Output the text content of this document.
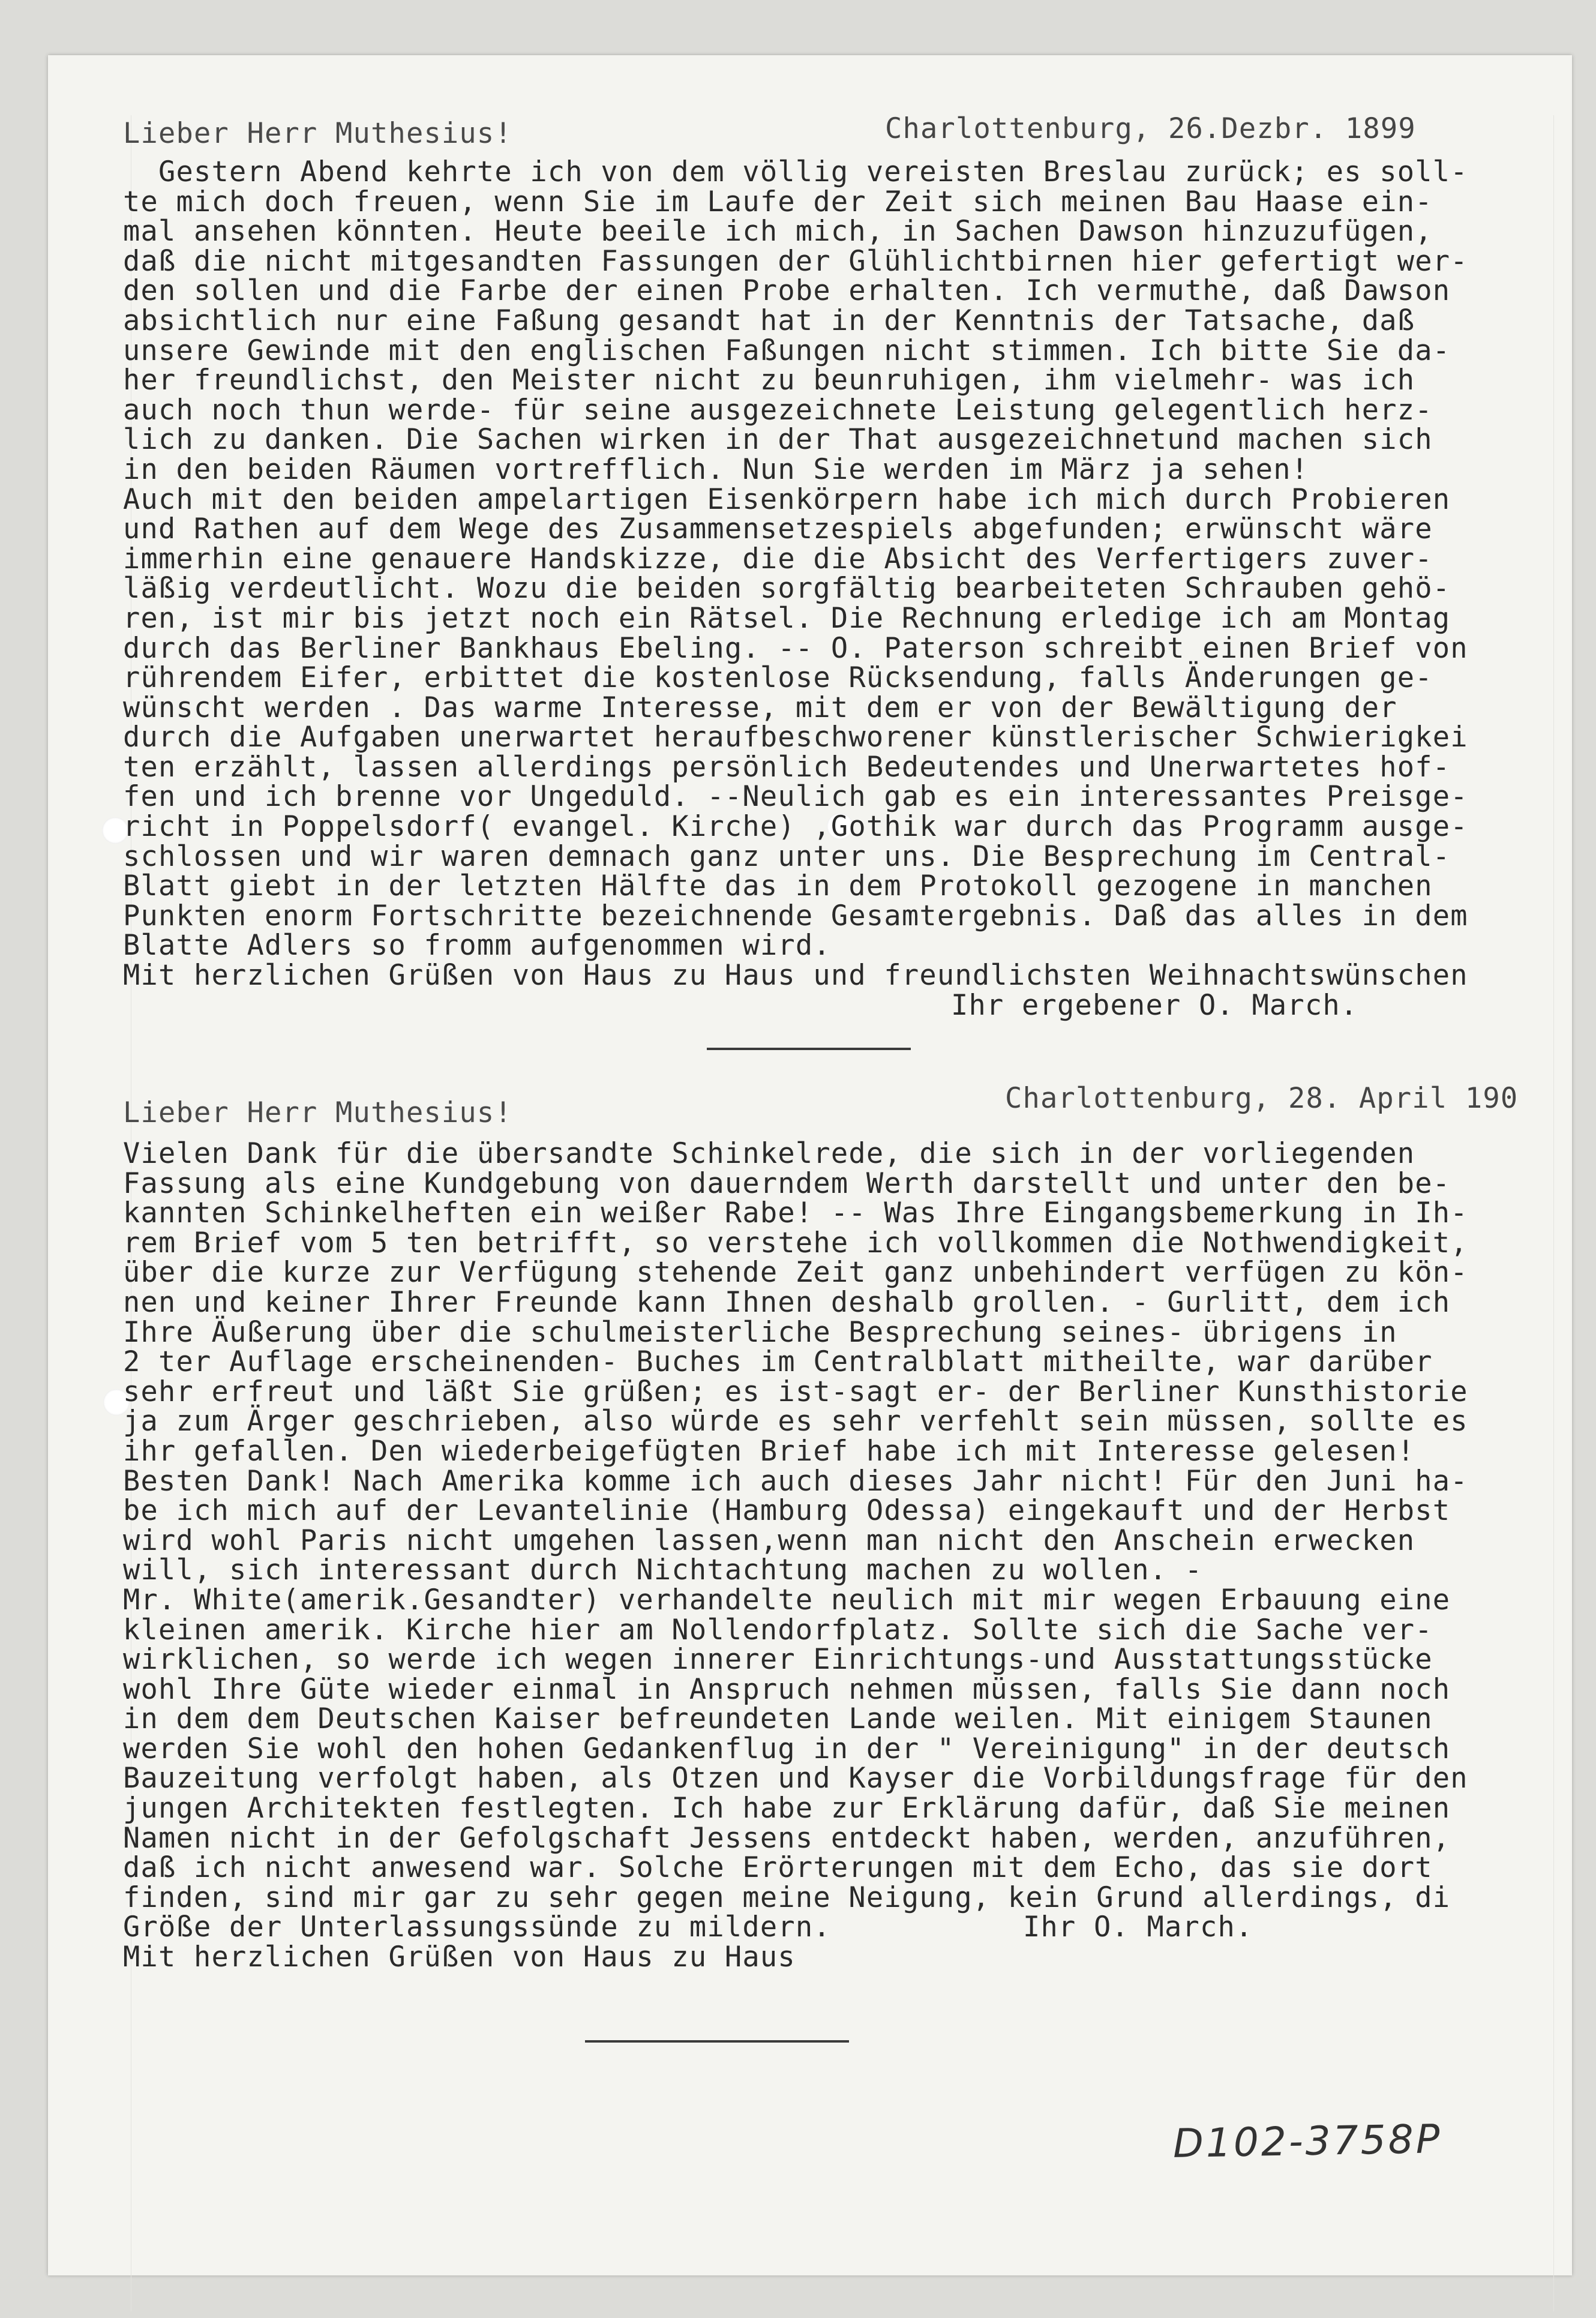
Lieber Herr Muthesius!	Charlottenburg, 26.Dezbr. 1899
Gestern Abend kehrte ich von dem völlig vereisten Breslau zurück; es soll-
te mich doch freuen, wenn Sie im Laufe der Zeit sich meinen Bau Haase ein-
mal ansehen könnten. Heute beeile ich mich, in Sachen Dawson hinzuzufügen,
daß die nicht mitgesandten Fassungen der Glühlichtbirnen hier gefertigt wer-
den sollen und die Farbe der einen Probe erhalten. Ich vermuthe, daß Dawson
absichtlich nur eine Faßung gesandt hat in der Kenntnis der Tatsache, daß
unsere Gewinde mit den englischen Faßungen nicht stimmen. Ich bitte Sie da-
her freundlichst, den Meister nicht zu beunruhigen, ihm vielmehr- was ich
auch noch thun werde- für seine ausgezeichnete Leistung gelegentlich herz-
lich zu danken. Die Sachen wirken in der That ausgezeichnetund machen sich
in den beiden Räumen vortrefflich. Nun Sie werden im März ja sehen!
Auch mit den beiden ampelartigen Eisenkörpern habe ich mich durch Probieren
und Rathen auf dem Wege des Zusammensetzespiels abgefunden; erwünscht wäre
immerhin eine genauere Handskizze, die die Absicht des Verfertigers zuver-
läßig verdeutlicht. Wozu die beiden sorgfältig bearbeiteten Schrauben gehö-
ren, ist mir bis jetzt noch ein Rätsel. Die Rechnung erledige ich am Montag
durch das Berliner Bankhaus Ebeling. -- O. Paterson schreibt einen Brief von
rührendem Eifer, erbittet die kostenlose Rücksendung, falls Änderungen ge-
wünscht werden . Das warme Interesse, mit dem er von der Bewältigung der
durch die Aufgaben unerwartet heraufbeschworener künstlerischer Schwierigkei
ten erzählt, lassen allerdings persönlich Bedeutendes und Unerwartetes hof-
fen und ich brenne vor Ungeduld. --Neulich gab es ein interessantes Preisge-
richt in Poppelsdorf( evangel. Kirche) ,Gothik war durch das Programm ausge-
schlossen und wir waren demnach ganz unter uns. Die Besprechung im Central-
Blatt giebt in der letzten Hälfte das in dem Protokoll gezogene in manchen
Punkten enorm Fortschritte bezeichnende Gesamtergebnis. Daß das alles in dem
Blatte Adlers so fromm aufgenommen wird.
Mit herzlichen Grüßen von Haus zu Haus und freundlichsten Weihnachtswünschen
Ihr ergebener O. March.
Lieber Herr Muthesius!	Charlottenburg, 28. April 190
Vielen Dank für die übersandte Schinkelrede, die sich in der vorliegenden
Fassung als eine Kundgebung von dauerndem Werth darstellt und unter den be-
kannten Schinkelheften ein weißer Rabe! -- Was Ihre Eingangsbemerkung in Ih-
rem Brief vom 5 ten betrifft, so verstehe ich vollkommen die Nothwendigkeit,
über die kurze zur Verfügung stehende Zeit ganz unbehindert verfügen zu kön-
nen und keiner Ihrer Freunde kann Ihnen deshalb grollen. - Gurlitt, dem ich
Ihre Äußerung über die schulmeisterliche Besprechung seines- übrigens in
2 ter Auflage erscheinenden- Buches im Centralblatt mitheilte, war darüber
sehr erfreut und läßt Sie grüßen; es ist-sagt er- der Berliner Kunsthistorie
ja zum Ärger geschrieben, also würde es sehr verfehlt sein müssen, sollte es
ihr gefallen. Den wiederbeigefügten Brief habe ich mit Interesse gelesen!
Besten Dank! Nach Amerika komme ich auch dieses Jahr nicht! Für den Juni ha-
be ich mich auf der Levantelinie (Hamburg Odessa) eingekauft und der Herbst
wird wohl Paris nicht umgehen lassen,wenn man nicht den Anschein erwecken
will, sich interessant durch Nichtachtung machen zu wollen. -
Mr. White(amerik.Gesandter) verhandelte neulich mit mir wegen Erbauung eine
kleinen amerik. Kirche hier am Nollendorfplatz. Sollte sich die Sache ver-
wirklichen, so werde ich wegen innerer Einrichtungs-und Ausstattungsstücke
wohl Ihre Güte wieder einmal in Anspruch nehmen müssen, falls Sie dann noch
in dem dem Deutschen Kaiser befreundeten Lande weilen. Mit einigem Staunen
werden Sie wohl den hohen Gedankenflug in der " Vereinigung" in der deutsch
Bauzeitung verfolgt haben, als Otzen und Kayser die Vorbildungsfrage für den
jungen Architekten festlegten. Ich habe zur Erklärung dafür, daß Sie meinen
Namen nicht in der Gefolgschaft Jessens entdeckt haben, werden, anzuführen,
daß ich nicht anwesend war. Solche Erörterungen mit dem Echo, das sie dort
finden, sind mir gar zu sehr gegen meine Neigung, kein Grund allerdings, di
Größe der Unterlassungssünde zu mildern.
Mit herzlichen Grüßen von Haus zu Haus
Ihr O. March.
D102-3758P
